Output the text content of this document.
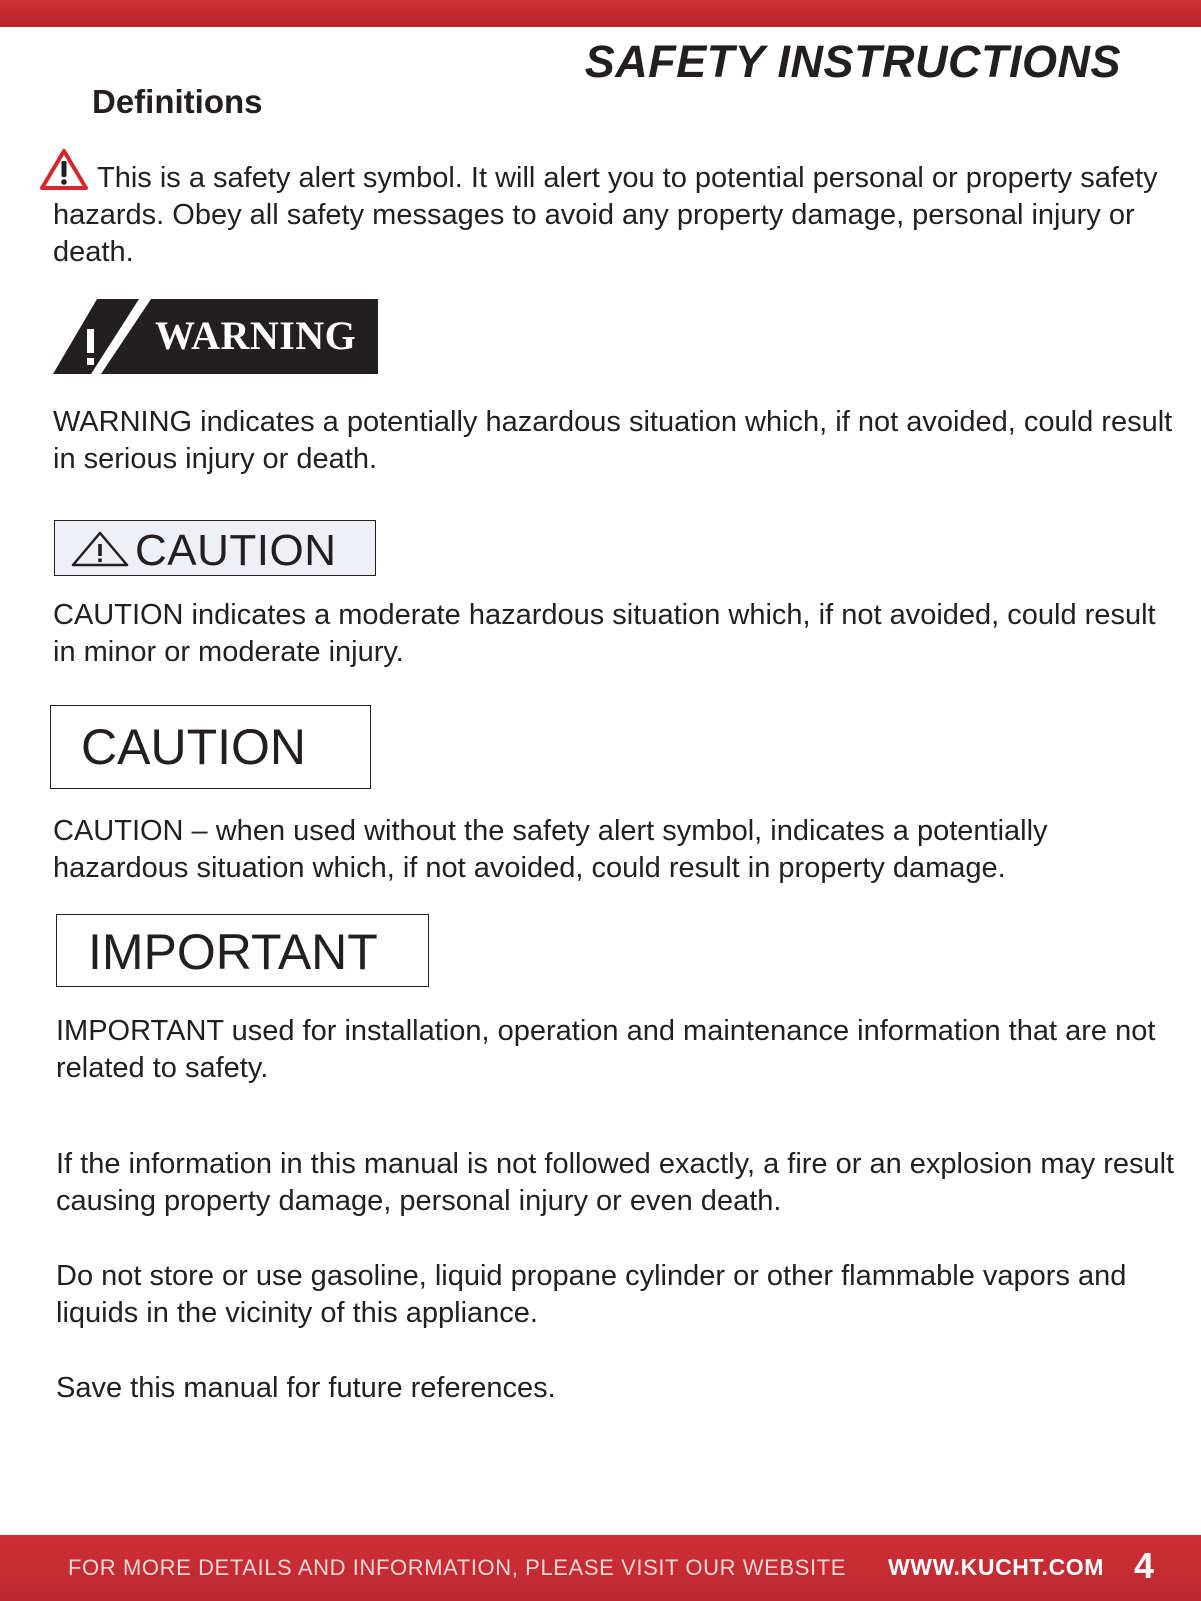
SAFETY INSTRUCTIONS
Definitions

This is a safety alert symbol. It will alert you to potential personal or property safety hazards. Obey all safety messages to avoid any property damage, personal injury or death.

WARNING

WARNING indicates a potentially hazardous situation which, if not avoided, could result in serious injury or death.

CAUTION

CAUTION indicates a moderate hazardous situation which, if not avoided, could result in minor or moderate injury.

CAUTION

CAUTION – when used without the safety alert symbol, indicates a potentially hazardous situation which, if not avoided, could result in property damage.

IMPORTANT

IMPORTANT used for installation, operation and maintenance information that are not related to safety.

If the information in this manual is not followed exactly, a fire or an explosion may result causing property damage, personal injury or even death.

Do not store or use gasoline, liquid propane cylinder or other flammable vapors and liquids in the vicinity of this appliance.

Save this manual for future references.

FOR MORE DETAILS AND INFORMATION, PLEASE VISIT OUR WEBSITE WWW.KUCHT.COM 4
